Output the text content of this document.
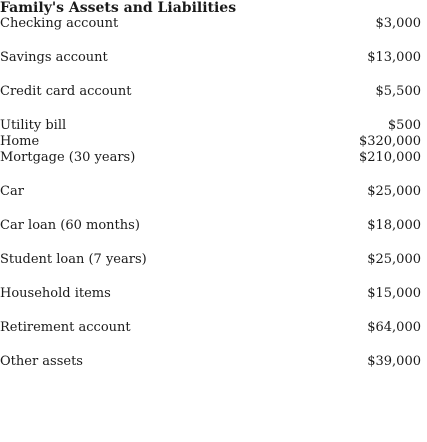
Family's Assets and Liabilities
Checking account	$3,000
Savings account	$13,000
Credit card account	$5,500
Utility bill	$500
Home	$320,000
Mortgage (30 years)	$210,000
Car	$25,000
Car loan (60 months)	$18,000
Student loan (7 years)	$25,000
Household items	$15,000
Retirement account	$64,000
Other assets	$39,000
